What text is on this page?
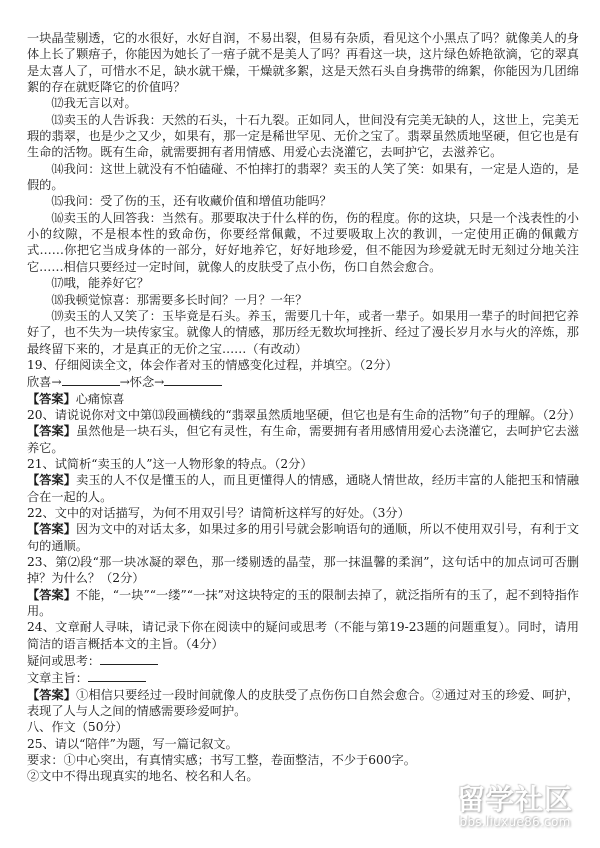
一块晶莹剔透，它的水很好，水好自润，不易出裂，但易有杂质，看见这个小黑点了吗？就像美人的身体上长了颗痦子，你能因为她长了一痦子就不是美人了吗？再看这一块，这片绿色娇艳欲滴，它的翠真是太喜人了，可惜水不足，缺水就干燥，干燥就多絮，这是天然石头自身携带的绵絮，你能因为几团绵絮的存在就贬降它的价值吗？

⑿我无言以对。

⒀卖玉的人告诉我：天然的石头，十石九裂。正如同人，世间没有完美无缺的人，这世上，完美无瑕的翡翠，也是少之又少，如果有，那一定是稀世罕见、无价之宝了。翡翠虽然质地坚硬，但它也是有生命的活物。既有生命，就需要拥有者用情感、用爱心去浇灌它，去呵护它，去滋养它。

⒁我问：这世上就没有不怕磕碰、不怕摔打的翡翠？卖玉的人笑了笑：如果有，一定是人造的，是假的。

⒂我问：受了伤的玉，还有收藏价值和增值功能吗？

⒃卖玉的人回答我：当然有。那要取决于什么样的伤，伤的程度。你的这块，只是一个浅表性的小小的纹隙，不是根本性的致命伤，你要经常佩戴，不过要吸取上次的教训，一定使用正确的佩戴方式……你把它当成身体的一部分，好好地养它，好好地珍爱，但不能因为珍爱就无时无刻过分地关注它……相信只要经过一定时间，就像人的皮肤受了点小伤，伤口自然会愈合。

⒄哦，能养好它？

⒅我顿觉惊喜：那需要多长时间？一月？一年？

⒆卖玉的人又笑了：玉毕竟是石头。养玉，需要几十年，或者一辈子。如果用一辈子的时间把它养好了，也不失为一块传家宝。就像人的情感，那历经无数坎坷挫折、经过了漫长岁月水与火的淬炼，那最终留下来的，才是真正的无价之宝……（有改动）

19、仔细阅读全文，体会作者对玉的情感变化过程，并填空。（2分）

欣喜→	→怀念→

【答案】心痛惊喜

20、请说说你对文中第⒀段画横线的“翡翠虽然质地坚硬，但它也是有生命的活物”句子的理解。（2分）

【答案】虽然他是一块石头，但它有灵性，有生命，需要拥有者用感情用爱心去浇灌它，去呵护它去滋养它。

21、试简析“卖玉的人”这一人物形象的特点。（2分）

【答案】卖玉的人不仅是懂玉的人，而且更懂得人的情感，通晓人情世故，经历丰富的人能把玉和情融合在一起的人。

22、文中的对话描写，为何不用双引号？请简析这样写的好处。（3分）

【答案】因为文中的对话太多，如果过多的用引号就会影响语句的通顺，所以不使用双引号，有利于文句的通顺。

23、第⑵段“那一块冰凝的翠色，那一缕剔透的晶莹，那一抹温馨的柔润”，这句话中的加点词可否删掉？为什么？（2分）

【答案】不能，“一块”“一缕”“一抹”对这块特定的玉的限制去掉了，就泛指所有的玉了，起不到特指作用。

24、文章耐人寻味，请记录下你在阅读中的疑问或思考（不能与第19-23题的问题重复）。同时，请用简洁的语言概括本文的主旨。（4分）

疑问或思考：

文章主旨：

【答案】①相信只要经过一段时间就像人的皮肤受了点伤伤口自然会愈合。②通过对玉的珍爱、呵护，表现了人与人之间的情感需要珍爱呵护。

八、作文（50分）

25、请以“陪伴”为题，写一篇记叙文。

要求：①中心突出，有真情实感；书写工整，卷面整洁，不少于600字。

②文中不得出现真实的地名、校名和人名。

留学社区
bbs.liuxue86.com
